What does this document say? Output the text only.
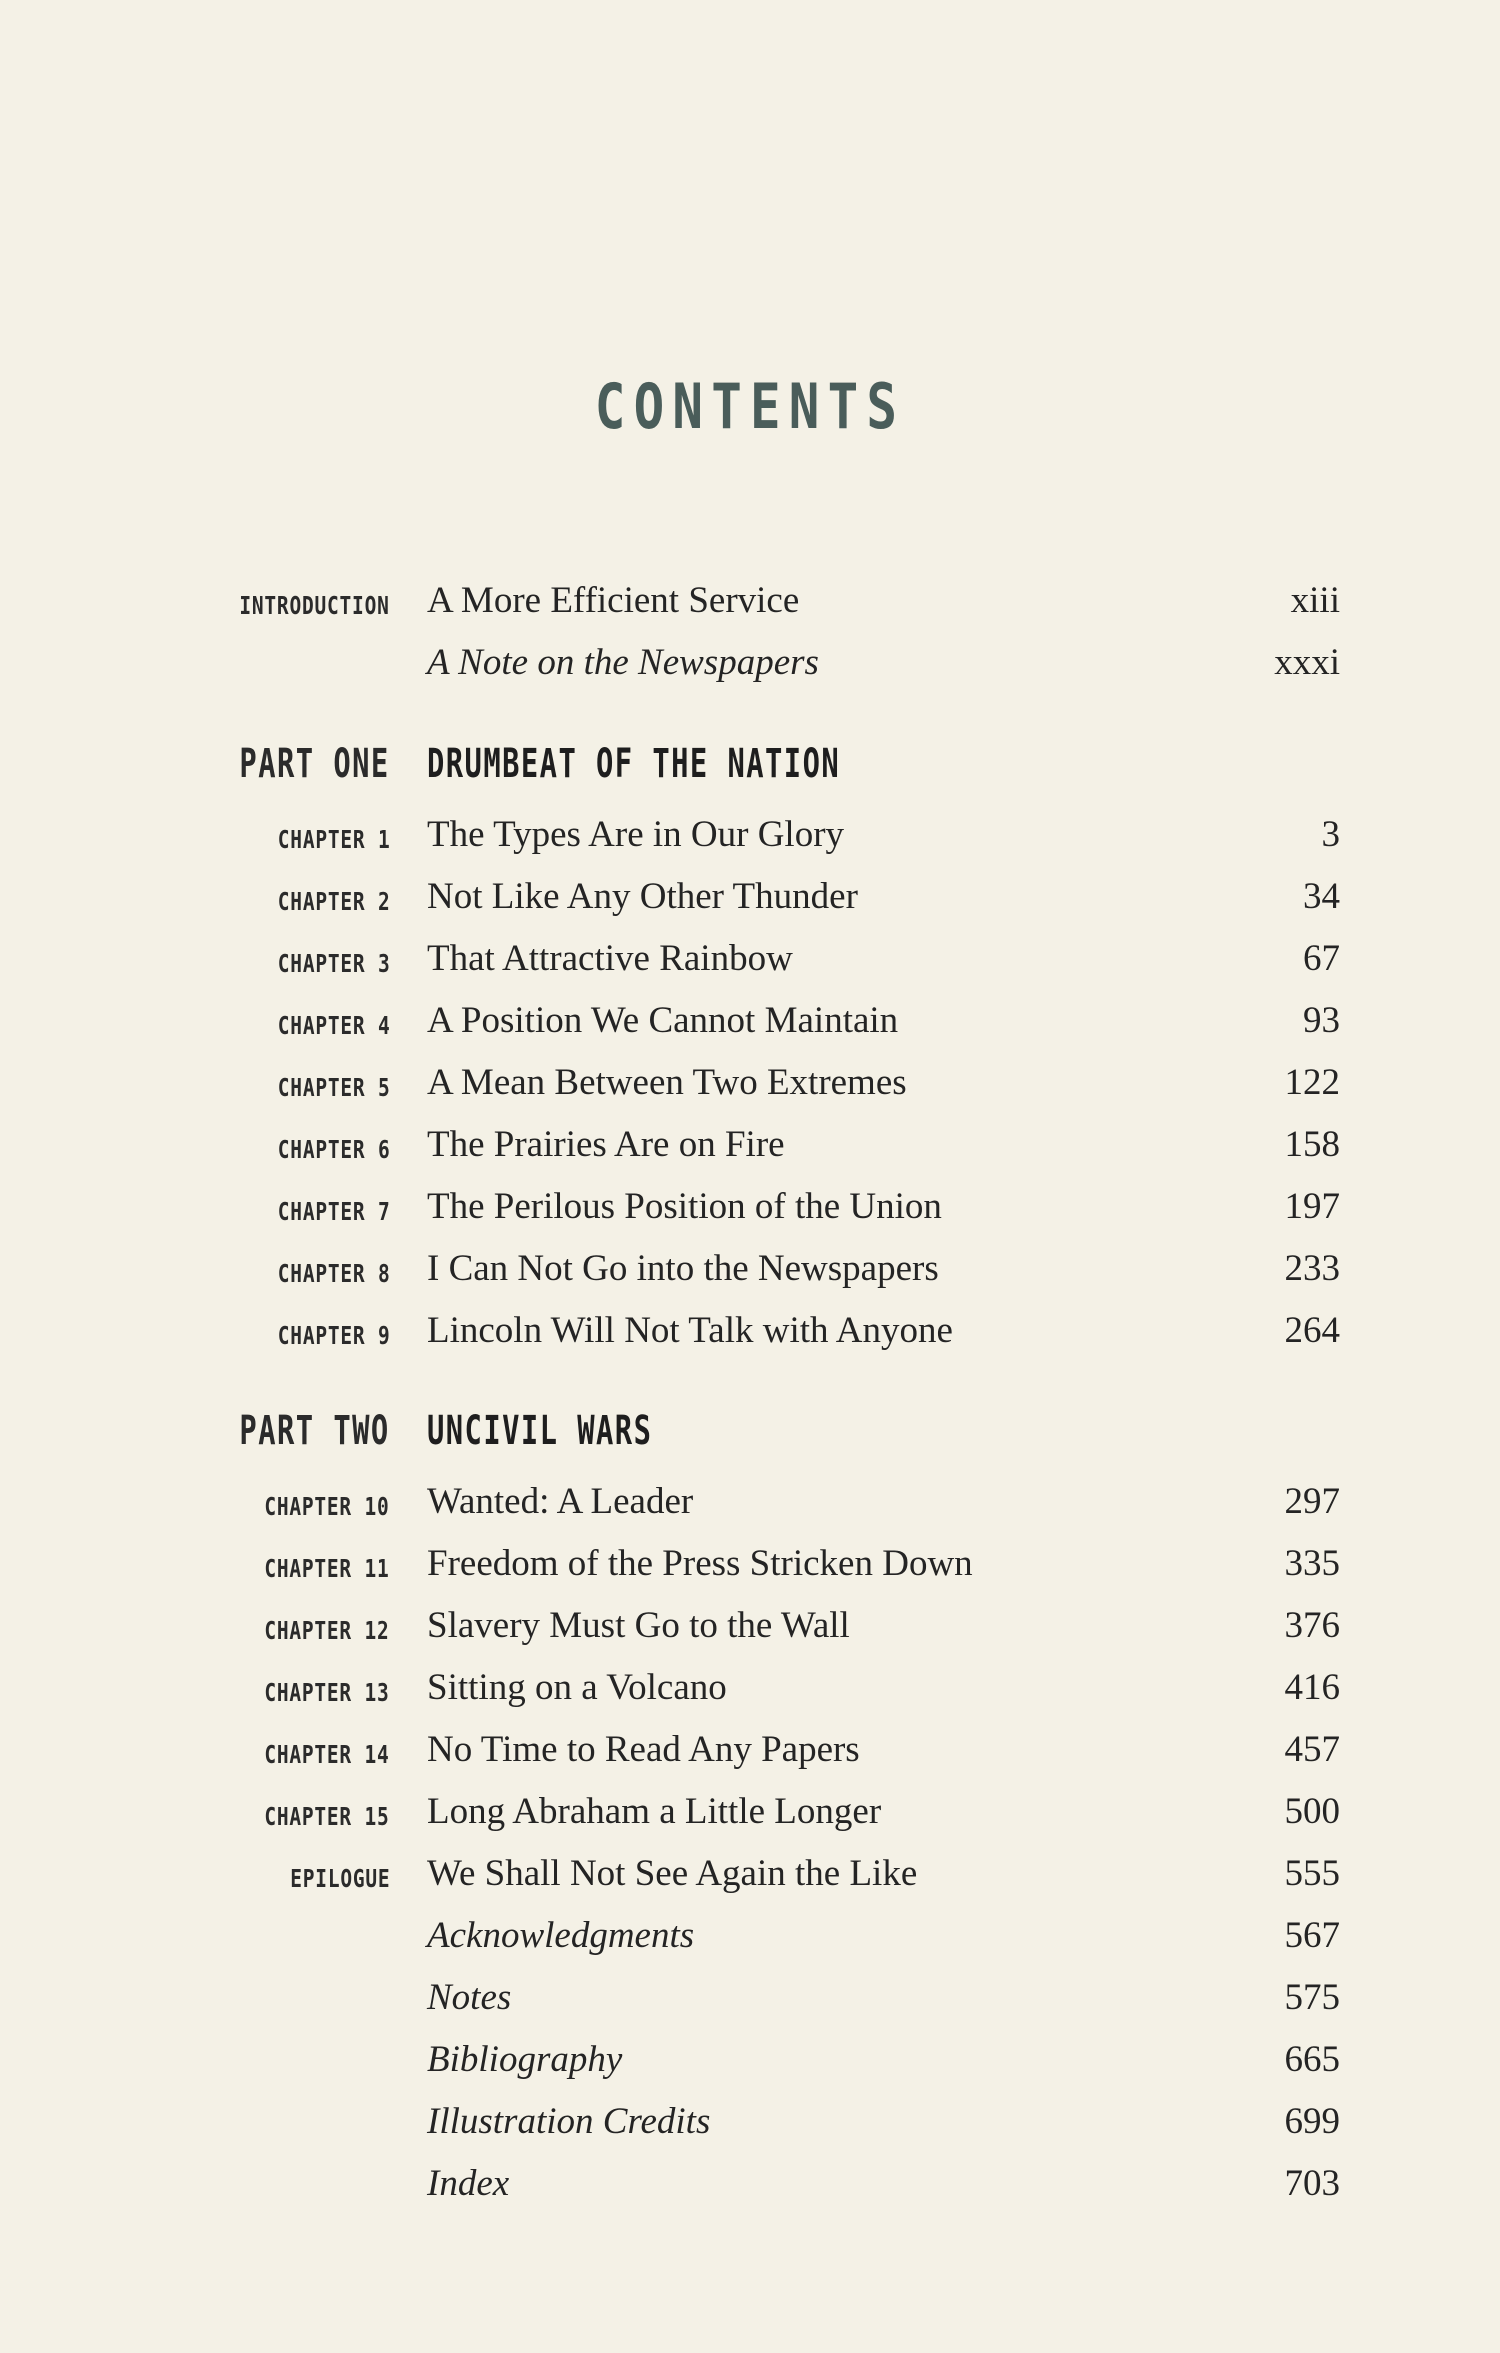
CONTENTS
INTRODUCTION A More Efficient Service	xiii
A Note on the Newspapers	xxxi
PART ONE DRUMBEAT OF THE NATION
CHAPTER 1 The Types Are in Our Glory	3
CHAPTER 2 Not Like Any Other Thunder	34
CHAPTER 3 That Attractive Rainbow	67
CHAPTER 4 A Position We Cannot Maintain	93
CHAPTER 5 A Mean Between Two Extremes	122
CHAPTER 6 The Prairies Are on Fire	158
CHAPTER 7 The Perilous Position of the Union	197
CHAPTER 8 I Can Not Go into the Newspapers	233
CHAPTER 9 Lincoln Will Not Talk with Anyone	264
PART TWO UNCIVIL WARS
CHAPTER 10 Wanted: A Leader	297
CHAPTER 11 Freedom of the Press Stricken Down	335
CHAPTER 12 Slavery Must Go to the Wall	376
CHAPTER 13 Sitting on a Volcano	416
CHAPTER 14 No Time to Read Any Papers	457
CHAPTER 15 Long Abraham a Little Longer	500
EPILOGUE We Shall Not See Again the Like	555
Acknowledgments	567
Notes	575
Bibliography	665
Illustration Credits	699
Index	703
